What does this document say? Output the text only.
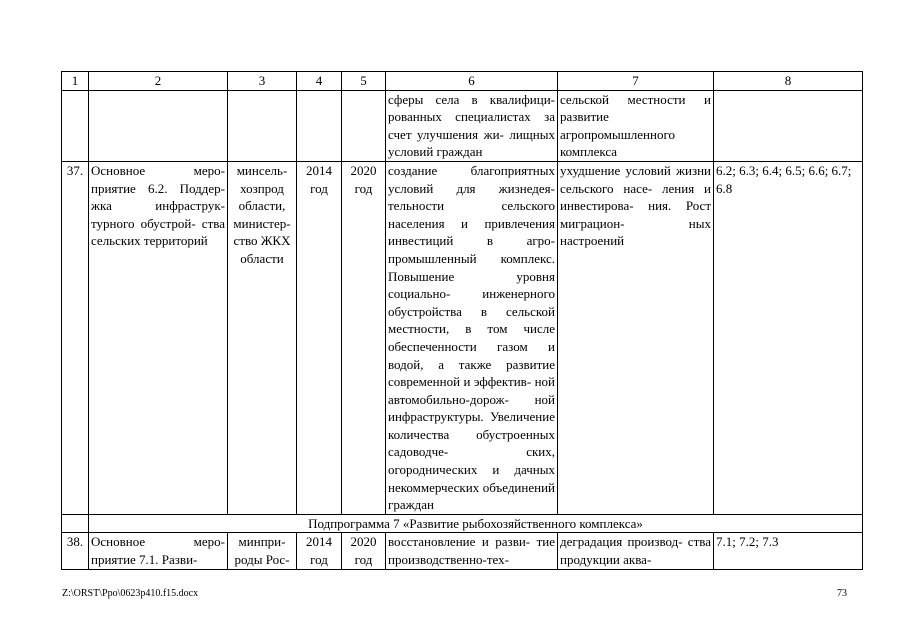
1	2	3	4	5	6	7	8
					сферы села в квалифици- рованных специалистах за счет улучшения жи- лищных условий граждан	сельской местности и развитие агропромышленного комплекса	
37.	Основное меро- приятие 6.2. Поддер- жка инфраструк- турного обустрой- ства сельских территорий	минсель- хозпрод области, министер- ство ЖКХ области	2014 год	2020 год	создание благоприятных условий для жизнедея- тельности сельского населения и привлечения инвестиций в агро- промышленный комплекс. Повышение уровня социально- инженерного обустройства в сельской местности, в том числе обеспеченности газом и водой, а также развитие современной и эффектив- ной автомобильно-дорож- ной инфраструктуры. Увеличение количества обустроенных садоводче- ских, огороднических и дачных некоммерческих объединений граждан	ухудшение условий жизни сельского насе- ления и инвестирова- ния. Рост миграцион- ных настроений	6.2; 6.3; 6.4; 6.5; 6.6; 6.7; 6.8
	Подпрограмма 7 «Развитие рыбохозяйственного комплекса»						
38.	Основное меро- приятие 7.1. Разви-	минпри- роды Рос-	2014 год	2020 год	восстановление и разви- тие производственно-тех-	деградация производ- ства продукции аква-	7.1; 7.2; 7.3
Z:\ORST\Ppo\0623p410.f15.docx	73
